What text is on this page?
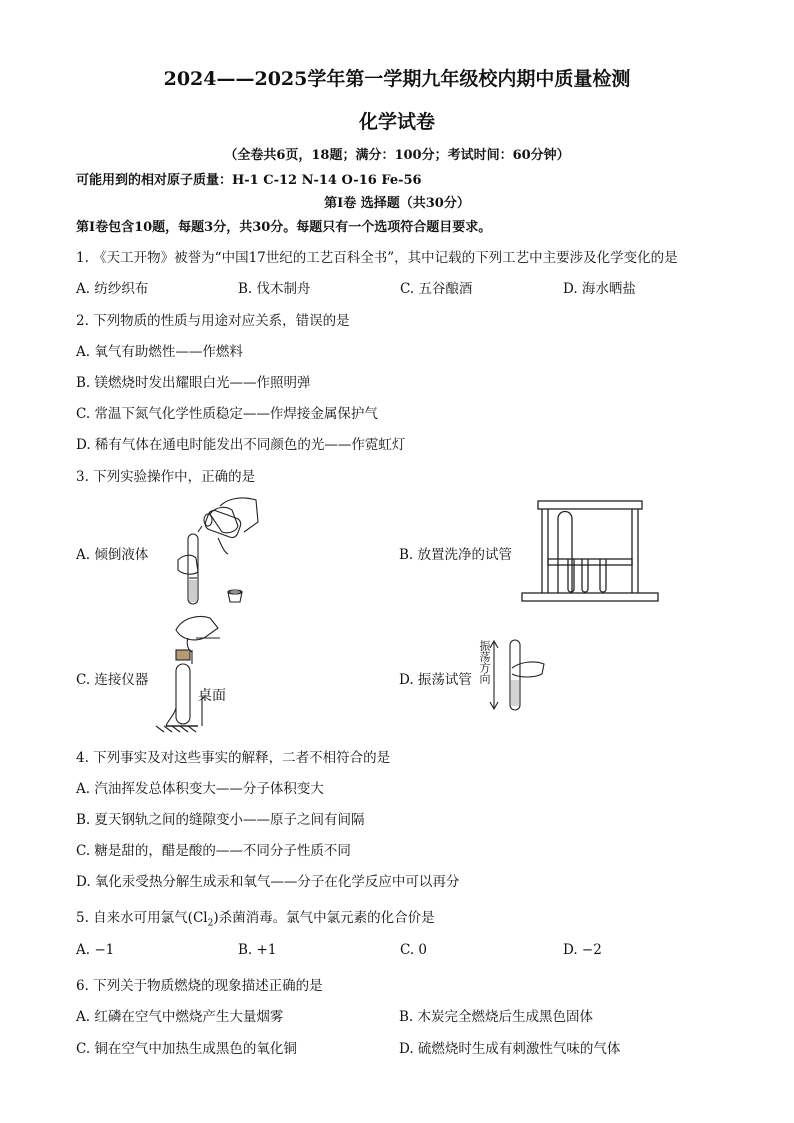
2024——2025学年第一学期九年级校内期中质量检测
化学试卷
（全卷共6页，18题；满分：100分；考试时间：60分钟）
可能用到的相对原子质量：H-1 C-12 N-14 O-16 Fe-56
第Ⅰ卷 选择题（共30分）
第Ⅰ卷包含10题，每题3分，共30分。每题只有一个选项符合题目要求。
1. 《天工开物》被誉为“中国17世纪的工艺百科全书”，其中记载的下列工艺中主要涉及化学变化的是
A. 纺纱织布	B. 伐木制舟	C. 五谷酿酒	D. 海水晒盐
2. 下列物质的性质与用途对应关系，错误的是
A. 氧气有助燃性——作燃料
B. 镁燃烧时发出耀眼白光——作照明弹
C. 常温下氮气化学性质稳定——作焊接金属保护气
D. 稀有气体在通电时能发出不同颜色的光——作霓虹灯
3. 下列实验操作中，正确的是
A. 倾倒液体	B. 放置洗净的试管
C. 连接仪器	D. 振荡试管
桌面
振荡方向
4. 下列事实及对这些事实的解释，二者不相符合的是
A. 汽油挥发总体积变大——分子体积变大
B. 夏天钢轨之间的缝隙变小——原子之间有间隔
C. 糖是甜的，醋是酸的——不同分子性质不同
D. 氧化汞受热分解生成汞和氧气——分子在化学反应中可以再分
5. 自来水可用氯气$(Cl_2)$杀菌消毒。氯气中氯元素的化合价是
A. −1	B. +1	C. 0	D. −2
6. 下列关于物质燃烧的现象描述正确的是
A. 红磷在空气中燃烧产生大量烟雾	B. 木炭完全燃烧后生成黑色固体
C. 铜在空气中加热生成黑色的氧化铜	D. 硫燃烧时生成有刺激性气味的气体
